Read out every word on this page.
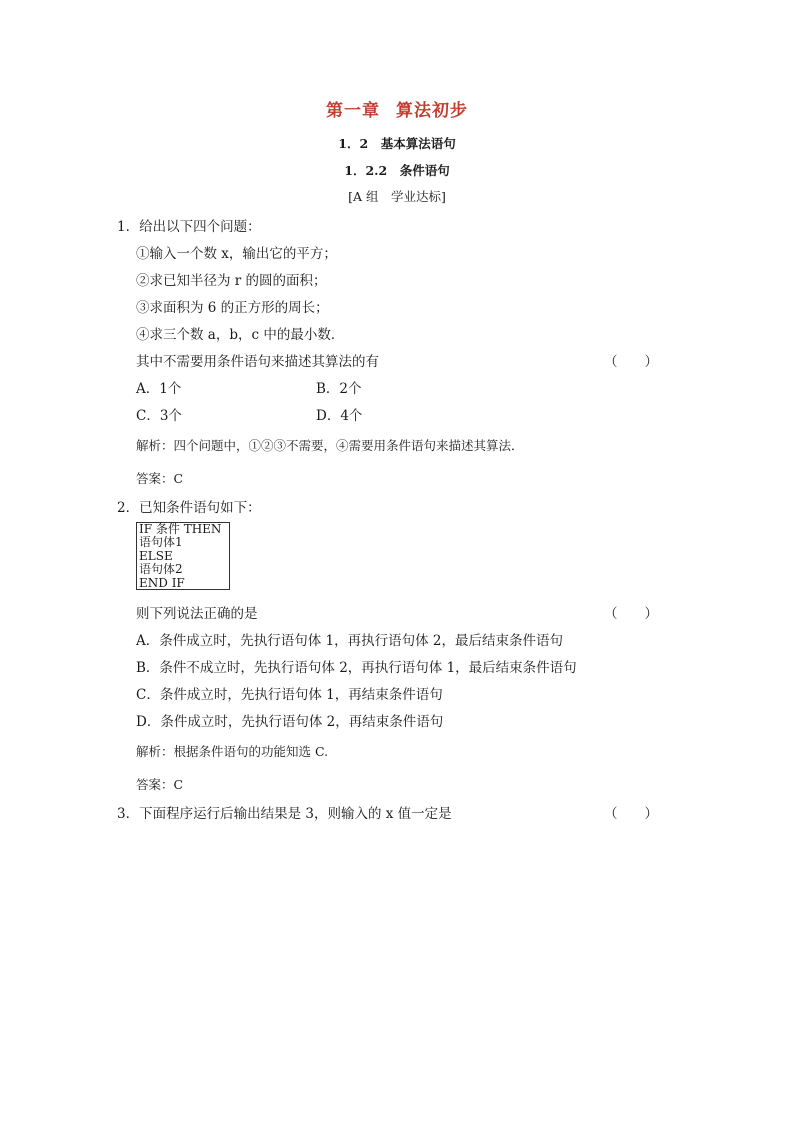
第一章 算法初步
1．2　基本算法语句
1．2.2　条件语句
[A 组　学业达标]
1．给出以下四个问题：
①输入一个数 x，输出它的平方；
②求已知半径为 r 的圆的面积；
③求面积为 6 的正方形的周长；
④求三个数 a，b，c 中的最小数．
其中不需要用条件语句来描述其算法的有	（　　）
A．1个	B．2个
C．3个	D．4个
解析：四个问题中，①②③不需要，④需要用条件语句来描述其算法．
答案：C
2．已知条件语句如下：
IF 条件 THEN
语句体1
ELSE
语句体2
END IF
则下列说法正确的是	（　　）
A．条件成立时，先执行语句体 1，再执行语句体 2，最后结束条件语句
B．条件不成立时，先执行语句体 2，再执行语句体 1，最后结束条件语句
C．条件成立时，先执行语句体 1，再结束条件语句
D．条件成立时，先执行语句体 2，再结束条件语句
解析：根据条件语句的功能知选 C.
答案：C
3．下面程序运行后输出结果是 3，则输入的 x 值一定是	（　　）
